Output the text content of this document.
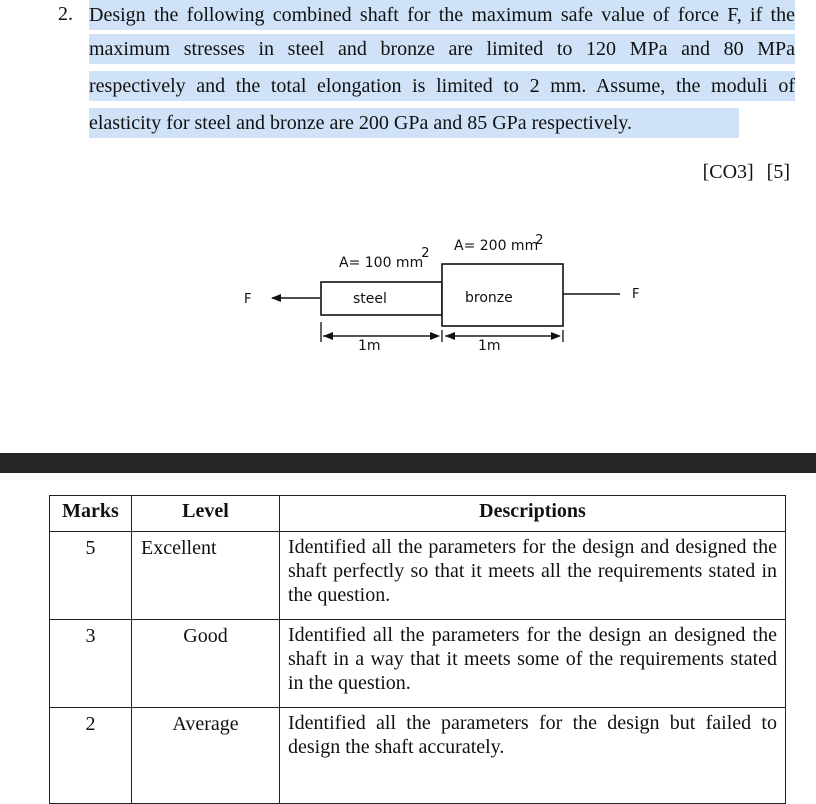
2. Design the following combined shaft for the maximum safe value of force F, if the
maximum stresses in steel and bronze are limited to 120 MPa and 80 MPa
respectively and the total elongation is limited to 2 mm. Assume, the moduli of
elasticity for steel and bronze are 200 GPa and 85 GPa respectively.
[CO3] [5]
F	steel
A= 100 mm2
bronze
A= 200 mm2
F
1m	1m
Marks	Level	Descriptions
5	Excellent	Identified all the parameters for the design and designed the shaft perfectly so that it meets all the requirements stated in the question.
3	Good	Identified all the parameters for the design an designed the shaft in a way that it meets some of the requirements stated in the question.
2	Average	Identified all the parameters for the design but failed to design the shaft accurately.
